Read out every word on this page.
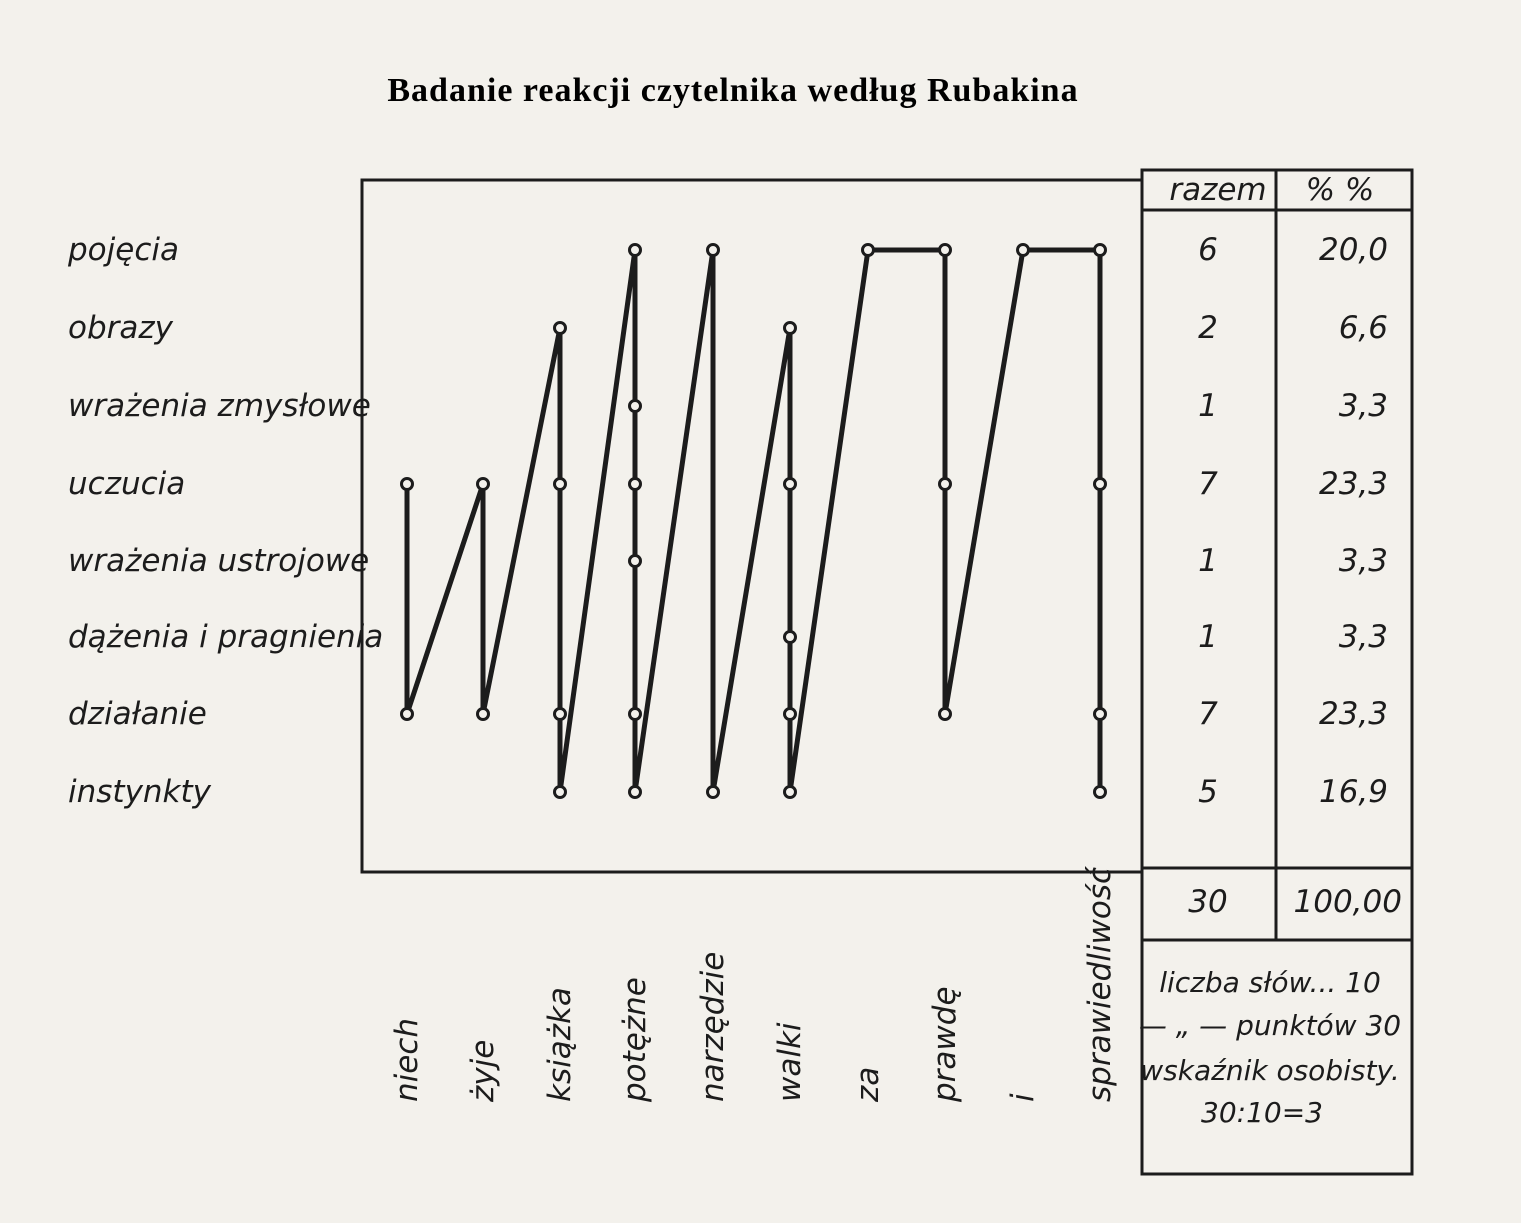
Badanie reakcji czytelnika według Rubakina
pojęcia
obrazy
wrażenia zmysłowe
uczucia
wrażenia ustrojowe
dążenia i pragnienia
działanie
instynkty
niech żyje książka potężne narzędzie walki za prawdę i sprawiedliwość
razem % %
6	20,0
2	6,6
1	3,3
7	23,3
1	3,3
1	3,3
7	23,3
5	16,9
30 100,00
liczba słów... 10
— „ — punktów 30
wskaźnik osobisty.
30:10=3
